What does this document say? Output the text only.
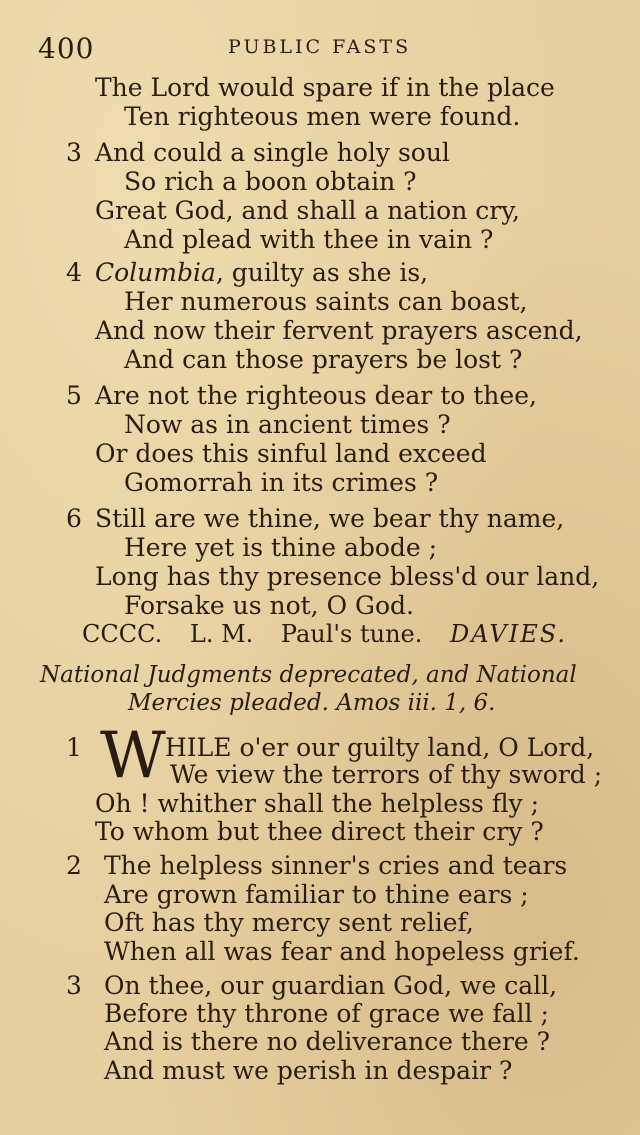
400	PUBLIC FASTS
The Lord would spare if in the place
Ten righteous men were found.
3 And could a single holy soul
So rich a boon obtain ?
Great God, and shall a nation cry,
And plead with thee in vain ?
4 Columbia, guilty as she is,
Her numerous saints can boast,
And now their fervent prayers ascend,
And can those prayers be lost ?
5 Are not the righteous dear to thee,
Now as in ancient times ?
Or does this sinful land exceed
Gomorrah in its crimes ?
6 Still are we thine, we bear thy name,
Here yet is thine abode ;
Long has thy presence bless'd our land,
Forsake us not, O God.
CCCC. L. M. Paul's tune. DAVIES.
National Judgments deprecated, and National
Mercies pleaded. Amos iii. 1, 6.
1 W HILE o'er our guilty land, O Lord,
We view the terrors of thy sword ;
Oh ! whither shall the helpless fly ;
To whom but thee direct their cry ?
2 The helpless sinner's cries and tears
Are grown familiar to thine ears ;
Oft has thy mercy sent relief,
When all was fear and hopeless grief.
3 On thee, our guardian God, we call,
Before thy throne of grace we fall ;
And is there no deliverance there ?
And must we perish in despair ?
